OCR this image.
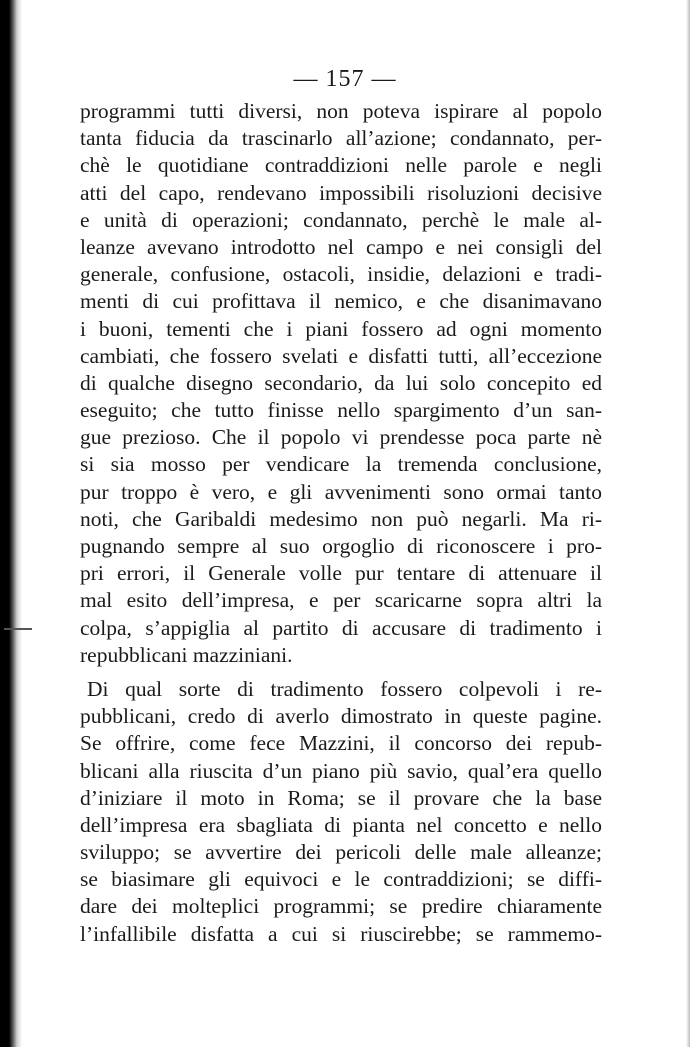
— 157 —
programmi tutti diversi, non poteva ispirare al popolo
tanta fiducia da trascinarlo all’azione; condannato, per-
chè le quotidiane contraddizioni nelle parole e negli
atti del capo, rendevano impossibili risoluzioni decisive
e unità di operazioni; condannato, perchè le male al-
leanze avevano introdotto nel campo e nei consigli del
generale, confusione, ostacoli, insidie, delazioni e tradi-
menti di cui profittava il nemico, e che disanimavano
i buoni, tementi che i piani fossero ad ogni momento
cambiati, che fossero svelati e disfatti tutti, all’eccezione
di qualche disegno secondario, da lui solo concepito ed
eseguito; che tutto finisse nello spargimento d’un san-
gue prezioso. Che il popolo vi prendesse poca parte nè
si sia mosso per vendicare la tremenda conclusione,
pur troppo è vero, e gli avvenimenti sono ormai tanto
noti, che Garibaldi medesimo non può negarli. Ma ri-
pugnando sempre al suo orgoglio di riconoscere i pro-
pri errori, il Generale volle pur tentare di attenuare il
mal esito dell’impresa, e per scaricarne sopra altri la
colpa, s’appiglia al partito di accusare di tradimento i
repubblicani mazziniani.
Di qual sorte di tradimento fossero colpevoli i re-
pubblicani, credo di averlo dimostrato in queste pagine.
Se offrire, come fece Mazzini, il concorso dei repub-
blicani alla riuscita d’un piano più savio, qual’era quello
d’iniziare il moto in Roma; se il provare che la base
dell’impresa era sbagliata di pianta nel concetto e nello
sviluppo; se avvertire dei pericoli delle male alleanze;
se biasimare gli equivoci e le contraddizioni; se diffi-
dare dei molteplici programmi; se predire chiaramente
l’infallibile disfatta a cui si riuscirebbe; se rammemo-
